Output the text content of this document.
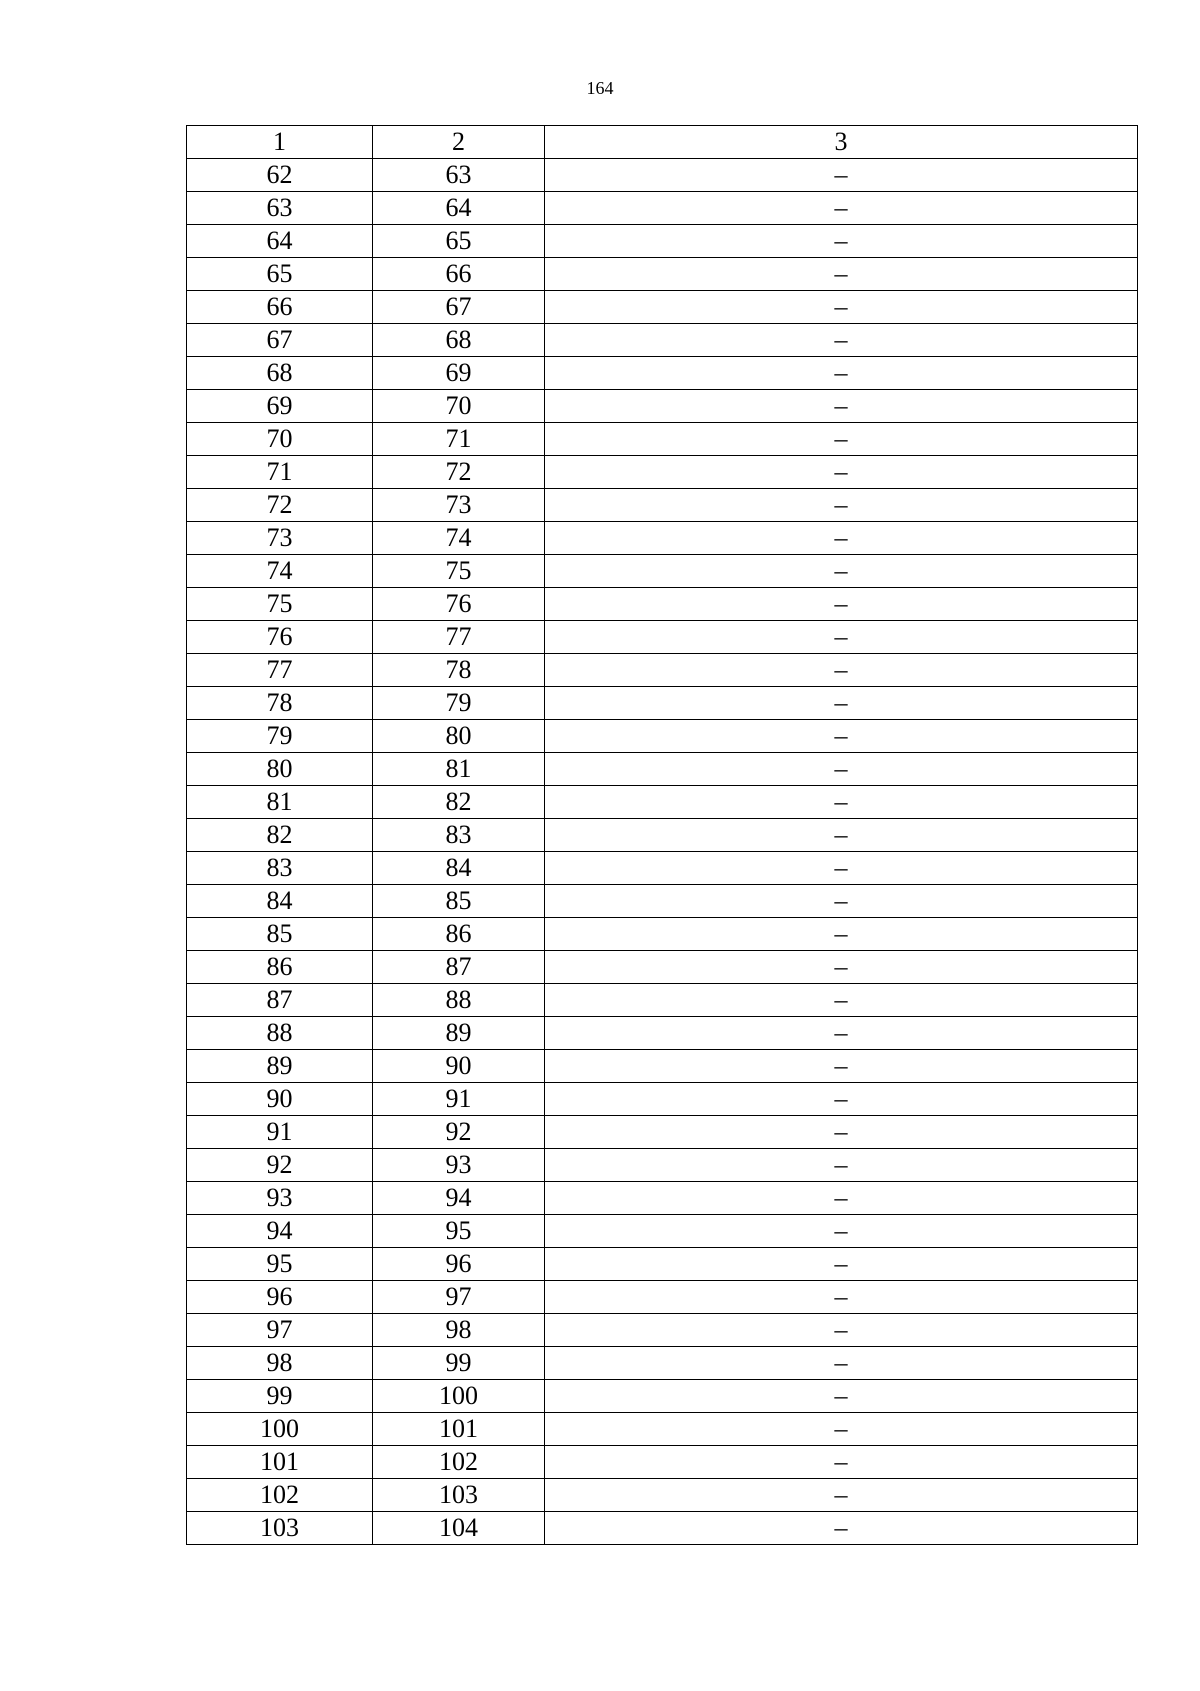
164
1	2	3
62	63	–
63	64	–
64	65	–
65	66	–
66	67	–
67	68	–
68	69	–
69	70	–
70	71	–
71	72	–
72	73	–
73	74	–
74	75	–
75	76	–
76	77	–
77	78	–
78	79	–
79	80	–
80	81	–
81	82	–
82	83	–
83	84	–
84	85	–
85	86	–
86	87	–
87	88	–
88	89	–
89	90	–
90	91	–
91	92	–
92	93	–
93	94	–
94	95	–
95	96	–
96	97	–
97	98	–
98	99	–
99	100	–
100	101	–
101	102	–
102	103	–
103	104	–
